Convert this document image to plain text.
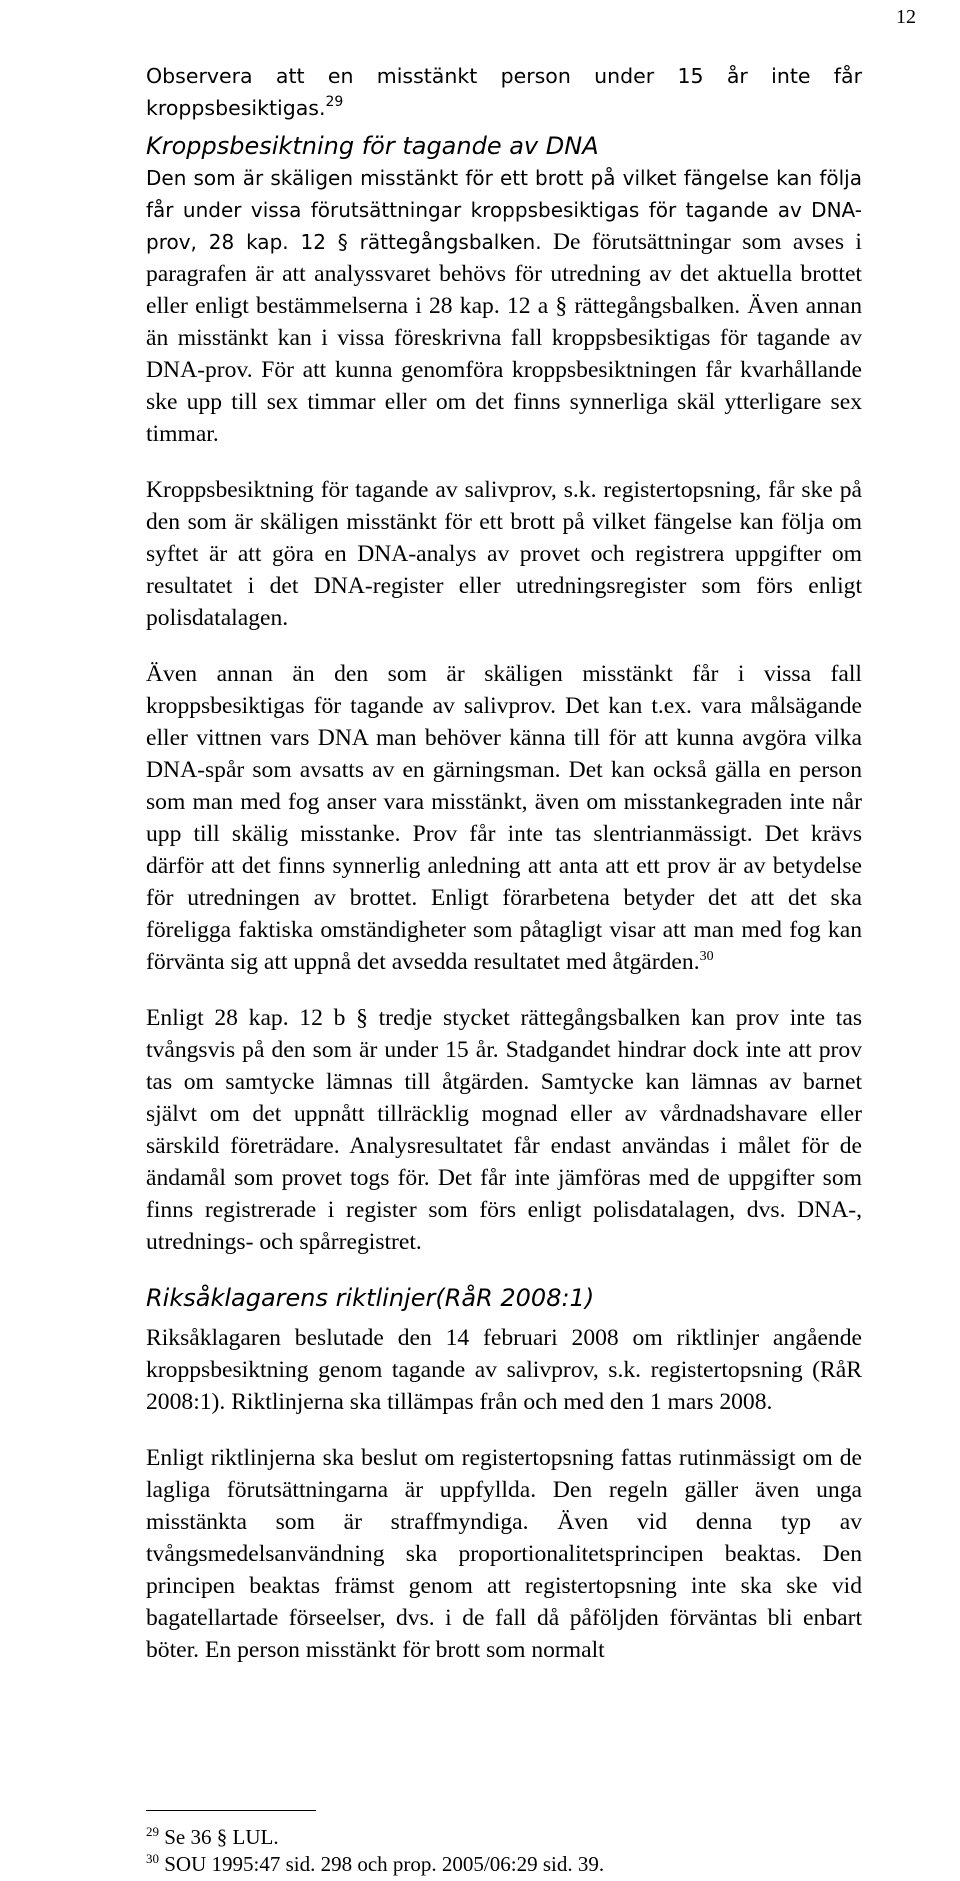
12

Observera att en misstänkt person under 15 år inte får kroppsbesiktigas.$^{29}$

Kroppsbesiktning för tagande av DNA

Den som är skäligen misstänkt för ett brott på vilket fängelse kan följa får under vissa förutsättningar kroppsbesiktigas för tagande av DNA-prov, 28 kap. 12 § rättegångsbalken. De förutsättningar som avses i paragrafen är att analyssvaret behövs för utredning av det aktuella brottet eller enligt bestämmelserna i 28 kap. 12 a § rättegångsbalken. Även annan än misstänkt kan i vissa föreskrivna fall kroppsbesiktigas för tagande av DNA-prov. För att kunna genomföra kroppsbesiktningen får kvarhållande ske upp till sex timmar eller om det finns synnerliga skäl ytterligare sex timmar.

Kroppsbesiktning för tagande av salivprov, s.k. registertopsning, får ske på den som är skäligen misstänkt för ett brott på vilket fängelse kan följa om syftet är att göra en DNA-analys av provet och registrera uppgifter om resultatet i det DNA-register eller utredningsregister som förs enligt polisdatalagen.

Även annan än den som är skäligen misstänkt får i vissa fall kroppsbesiktigas för tagande av salivprov. Det kan t.ex. vara målsägande eller vittnen vars DNA man behöver känna till för att kunna avgöra vilka DNA-spår som avsatts av en gärningsman. Det kan också gälla en person som man med fog anser vara misstänkt, även om misstankegraden inte når upp till skälig misstanke. Prov får inte tas slentrianmässigt. Det krävs därför att det finns synnerlig anledning att anta att ett prov är av betydelse för utredningen av brottet. Enligt förarbetena betyder det att det ska föreligga faktiska omständigheter som påtagligt visar att man med fog kan förvänta sig att uppnå det avsedda resultatet med åtgärden.$^{30}$

Enligt 28 kap. 12 b § tredje stycket rättegångsbalken kan prov inte tas tvångsvis på den som är under 15 år. Stadgandet hindrar dock inte att prov tas om samtycke lämnas till åtgärden. Samtycke kan lämnas av barnet självt om det uppnått tillräcklig mognad eller av vårdnadshavare eller särskild företrädare. Analysresultatet får endast användas i målet för de ändamål som provet togs för. Det får inte jämföras med de uppgifter som finns registrerade i register som förs enligt polisdatalagen, dvs. DNA-, utrednings- och spårregistret.

Riksåklagarens riktlinjer(RåR 2008:1)

Riksåklagaren beslutade den 14 februari 2008 om riktlinjer angående kroppsbesiktning genom tagande av salivprov, s.k. registertopsning (RåR 2008:1). Riktlinjerna ska tillämpas från och med den 1 mars 2008.

Enligt riktlinjerna ska beslut om registertopsning fattas rutinmässigt om de lagliga förutsättningarna är uppfyllda. Den regeln gäller även unga misstänkta som är straffmyndiga. Även vid denna typ av tvångsmedelsanvändning ska proportionalitetsprincipen beaktas. Den principen beaktas främst genom att registertopsning inte ska ske vid bagatellartade förseelser, dvs. i de fall då påföljden förväntas bli enbart böter. En person misstänkt för brott som normalt

$^{29}$ Se 36 § LUL.

$^{30}$ SOU 1995:47 sid. 298 och prop. 2005/06:29 sid. 39.
